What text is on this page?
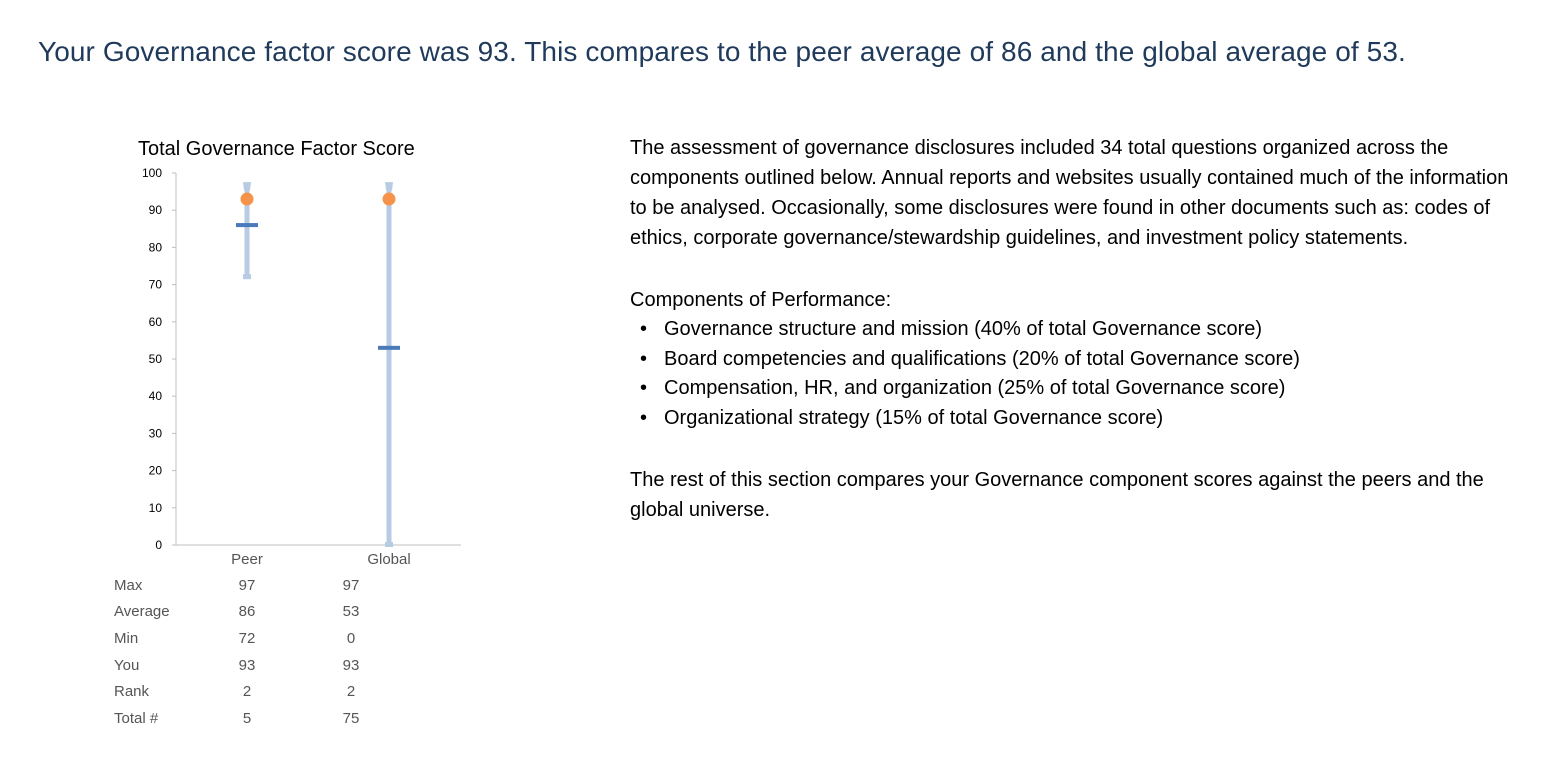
Your Governance factor score was 93. This compares to the peer average of 86 and the global average of 53.
Total Governance Factor Score
0
10
20
30
40
50
60
70
80
90
100
Peer	Global
Max	97	97
Average	86	53
Min	72	0
You	93	93
Rank	2	2
Total #	5	75

The assessment of governance disclosures included 34 total questions organized across the components outlined below. Annual reports and websites usually contained much of the information to be analysed. Occasionally, some disclosures were found in other documents such as: codes of ethics, corporate governance/stewardship guidelines, and investment policy statements.

Components of Performance:

• Governance structure and mission (40% of total Governance score)
• Board competencies and qualifications (20% of total Governance score)
• Compensation, HR, and organization (25% of total Governance score)
• Organizational strategy (15% of total Governance score)

The rest of this section compares your Governance component scores against the peers and the global universe.
